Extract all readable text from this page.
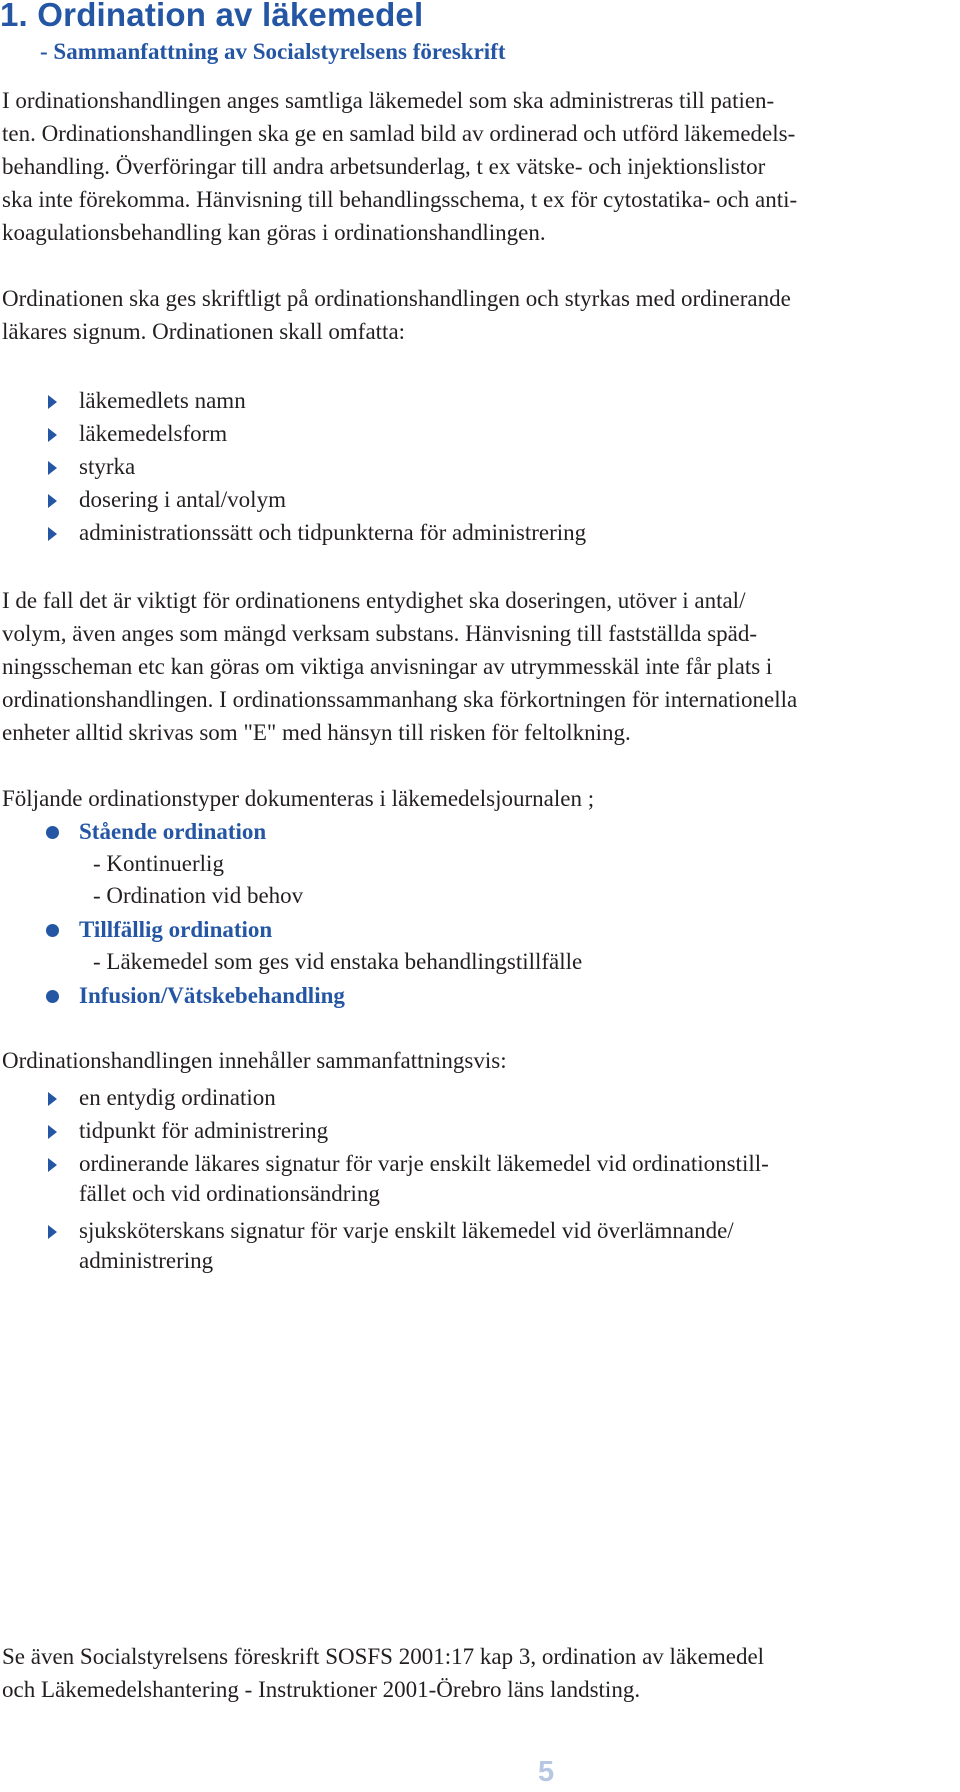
1. Ordination av läkemedel
- Sammanfattning av Socialstyrelsens föreskrift

I ordinationshandlingen anges samtliga läkemedel som ska administreras till patien-
ten. Ordinationshandlingen ska ge en samlad bild av ordinerad och utförd läkemedels-
behandling. Överföringar till andra arbetsunderlag, t ex vätske- och injektionslistor
ska inte förekomma. Hänvisning till behandlingsschema, t ex för cytostatika- och anti-
koagulationsbehandling kan göras i ordinationshandlingen.

Ordinationen ska ges skriftligt på ordinationshandlingen och styrkas med ordinerande
läkares signum. Ordinationen skall omfatta:

läkemedlets namn
läkemedelsform
styrka
dosering i antal/volym
administrationssätt och tidpunkterna för administrering

I de fall det är viktigt för ordinationens entydighet ska doseringen, utöver i antal/
volym, även anges som mängd verksam substans. Hänvisning till fastställda späd-
ningsscheman etc kan göras om viktiga anvisningar av utrymmesskäl inte får plats i
ordinationshandlingen. I ordinationssammanhang ska förkortningen för internationella
enheter alltid skrivas som "E" med hänsyn till risken för feltolkning.

Följande ordinationstyper dokumenteras i läkemedelsjournalen ;

Stående ordination
- Kontinuerlig
- Ordination vid behov
Tillfällig ordination
- Läkemedel som ges vid enstaka behandlingstillfälle
Infusion/Vätskebehandling

Ordinationshandlingen innehåller sammanfattningsvis:

en entydig ordination
tidpunkt för administrering
ordinerande läkares signatur för varje enskilt läkemedel vid ordinationstill-
fället och vid ordinationsändring
sjuksköterskans signatur för varje enskilt läkemedel vid överlämnande/
administrering

Se även Socialstyrelsens föreskrift SOSFS 2001:17 kap 3, ordination av läkemedel
och Läkemedelshantering - Instruktioner 2001-Örebro läns landsting.

5
